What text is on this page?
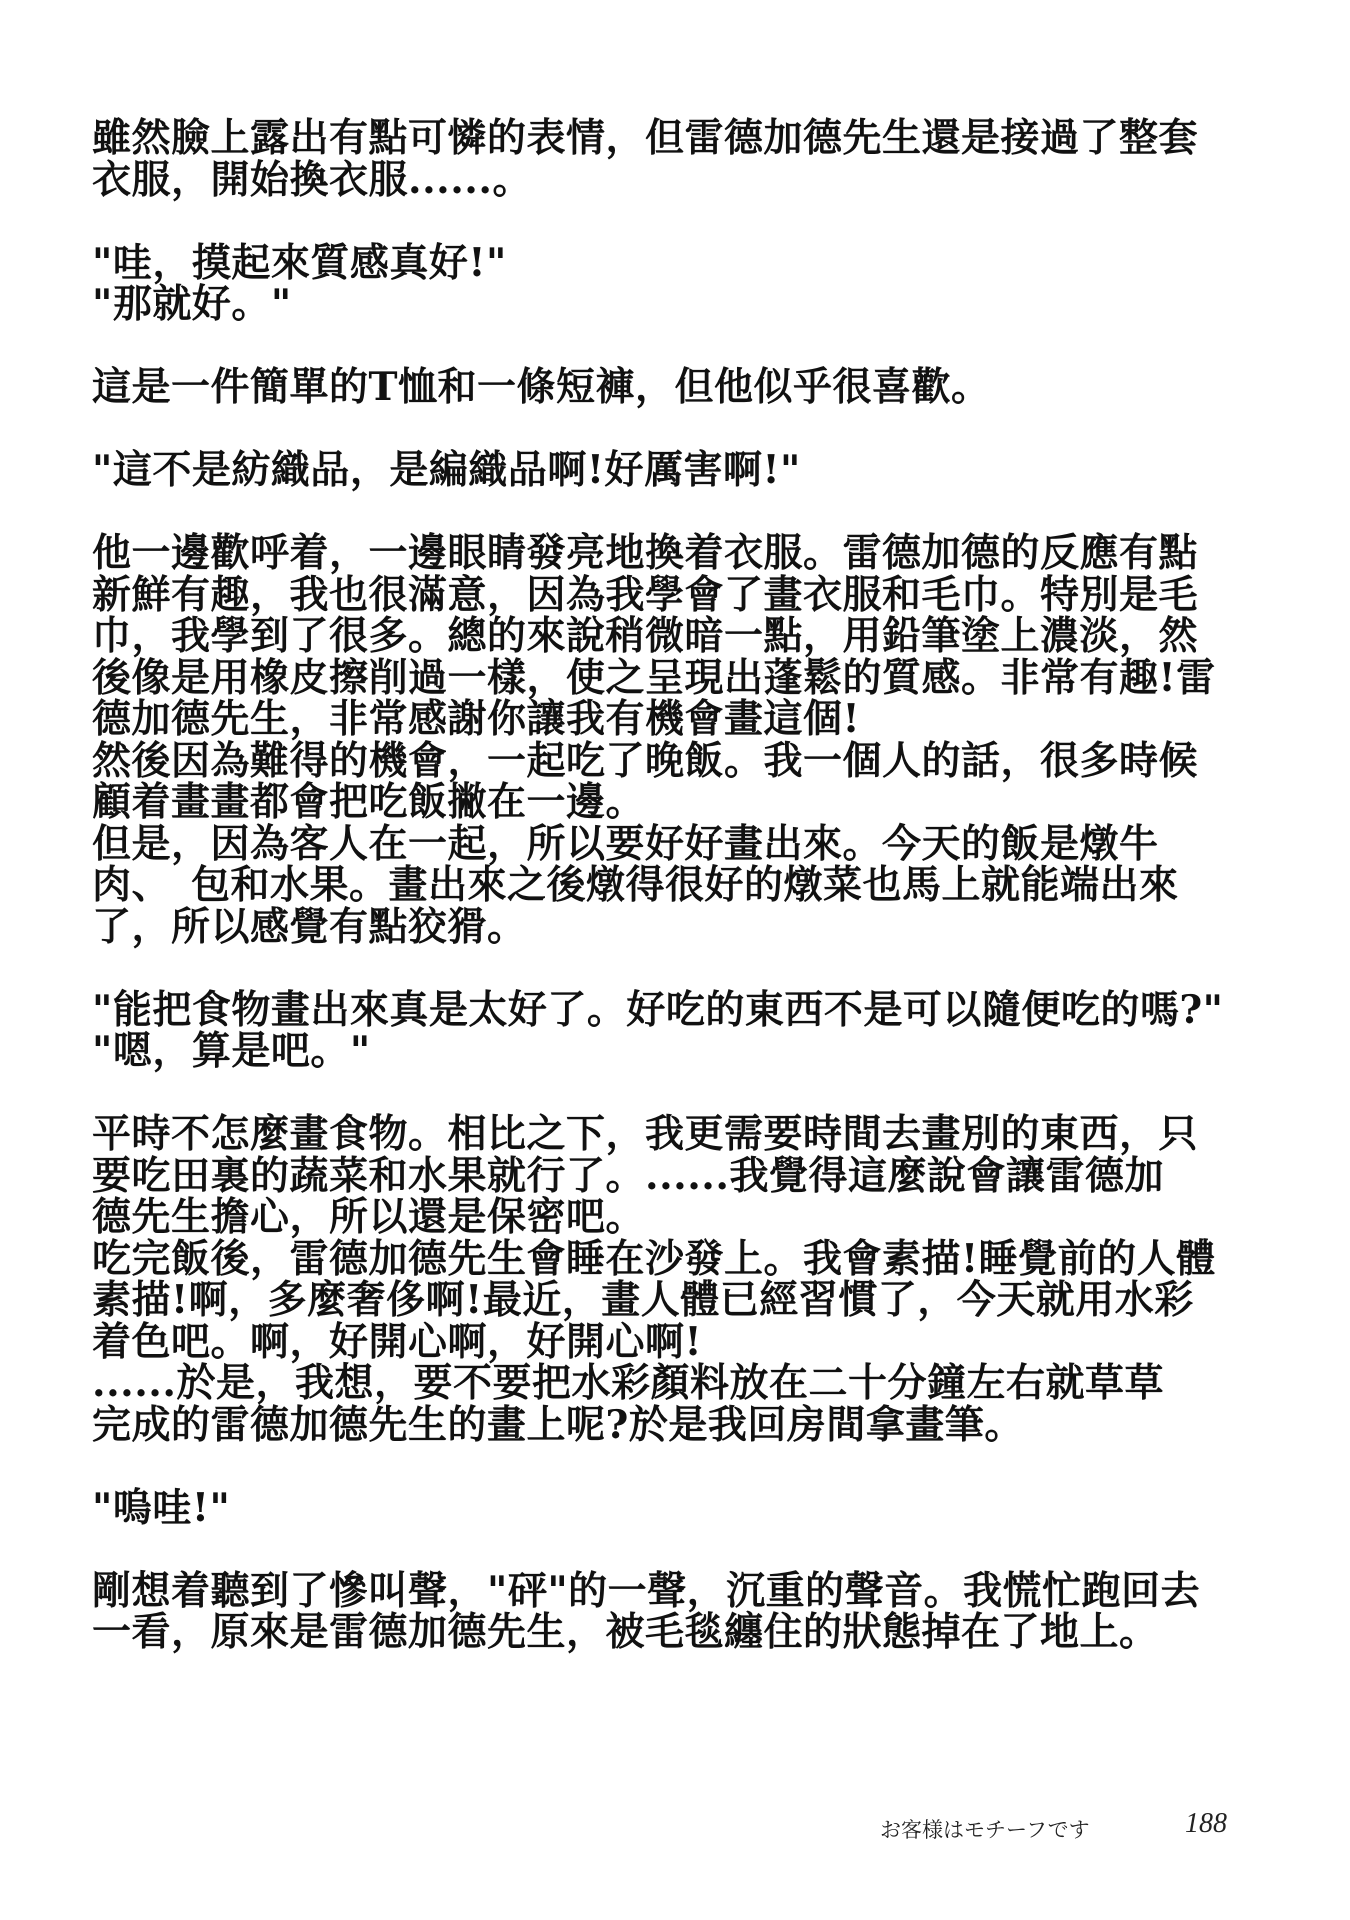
雖然臉上露出有點可憐的表情，但雷德加德先生還是接過了整套
衣服，開始換衣服......。
"哇，摸起來質感真好!"
"那就好。"
這是一件簡單的T恤和一條短褲，但他似乎很喜歡。
"這不是紡織品，是編織品啊!好厲害啊!"
他一邊歡呼着，一邊眼睛發亮地換着衣服。雷德加德的反應有點
新鮮有趣，我也很滿意，因為我學會了畫衣服和毛巾。特別是毛
巾，我學到了很多。總的來說稍微暗一點，用鉛筆塗上濃淡，然
後像是用橡皮擦削過一樣，使之呈現出蓬鬆的質感。非常有趣!雷
德加德先生，非常感謝你讓我有機會畫這個!
然後因為難得的機會，一起吃了晚飯。我一個人的話，很多時候
顧着畫畫都會把吃飯撇在一邊。
但是，因為客人在一起，所以要好好畫出來。今天的飯是燉牛
肉、　包和水果。畫出來之後燉得很好的燉菜也馬上就能端出來
了，所以感覺有點狡猾。
"能把食物畫出來真是太好了。好吃的東西不是可以隨便吃的嗎?"
"嗯，算是吧。"
平時不怎麼畫食物。相比之下，我更需要時間去畫別的東西，只
要吃田裏的蔬菜和水果就行了。......我覺得這麼說會讓雷德加
德先生擔心，所以還是保密吧。
吃完飯後，雷德加德先生會睡在沙發上。我會素描!睡覺前的人體
素描!啊，多麼奢侈啊!最近，畫人體已經習慣了，今天就用水彩
着色吧。啊，好開心啊，好開心啊!
......於是，我想，要不要把水彩顏料放在二十分鐘左右就草草
完成的雷德加德先生的畫上呢?於是我回房間拿畫筆。
"嗚哇!"
剛想着聽到了慘叫聲，"砰"的一聲，沉重的聲音。我慌忙跑回去
一看，原來是雷德加德先生，被毛毯纏住的狀態掉在了地上。
お客様はモチーフです	188
